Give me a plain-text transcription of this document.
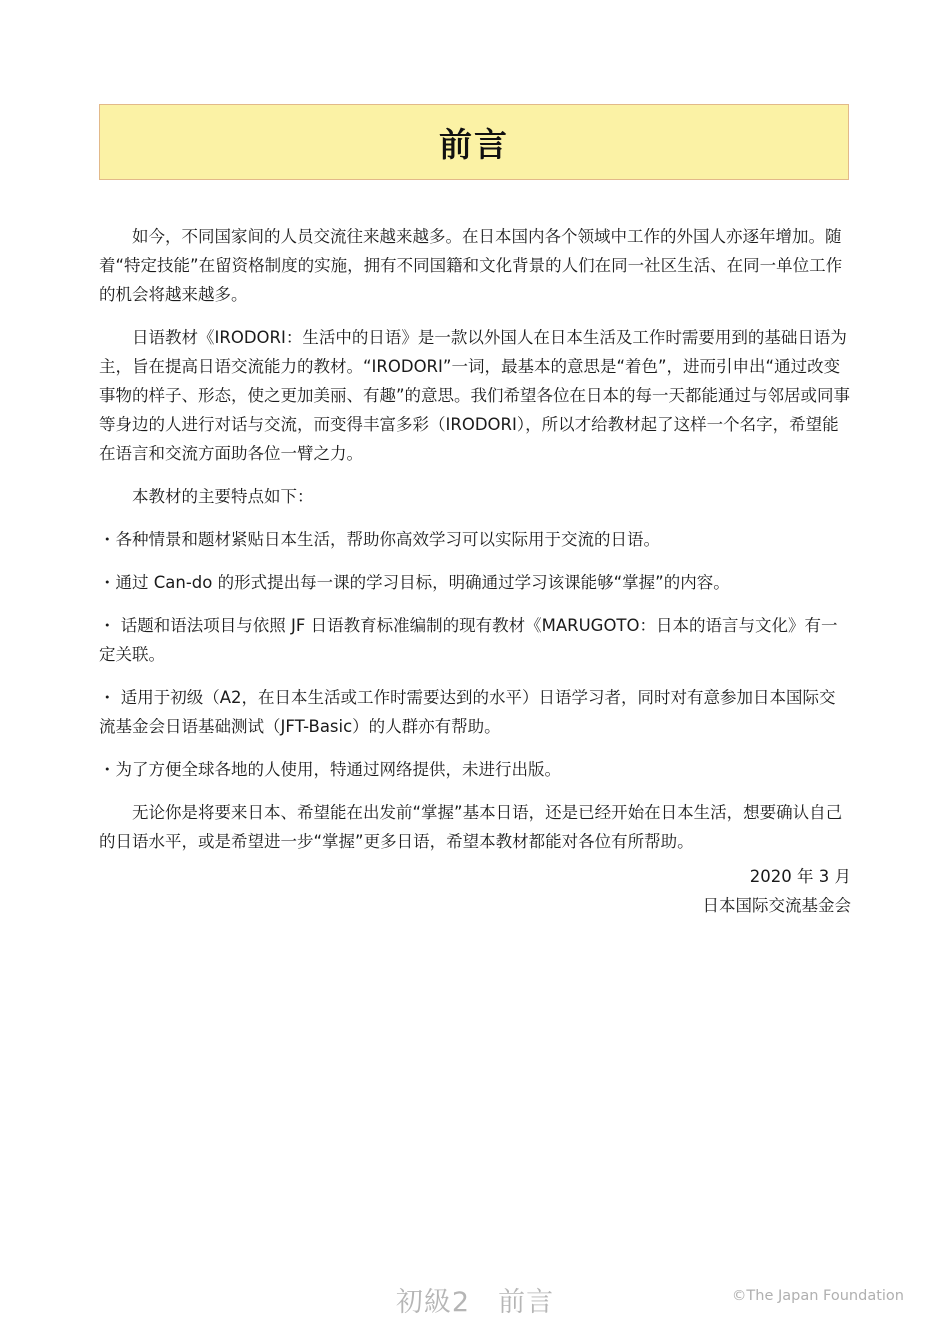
前言

如今，不同国家间的人员交流往来越来越多。在日本国内各个领域中工作的外国人亦逐年增加。随着“特定技能”在留资格制度的实施，拥有不同国籍和文化背景的人们在同一社区生活、在同一单位工作的机会将越来越多。

日语教材《IRODORI：生活中的日语》是一款以外国人在日本生活及工作时需要用到的基础日语为主，旨在提高日语交流能力的教材。“IRODORI”一词，最基本的意思是“着色”，进而引申出“通过改变事物的样子、形态，使之更加美丽、有趣”的意思。我们希望各位在日本的每一天都能通过与邻居或同事等身边的人进行对话与交流，而变得丰富多彩（IRODORI），所以才给教材起了这样一个名字，希望能在语言和交流方面助各位一臂之力。

本教材的主要特点如下：

・各种情景和题材紧贴日本生活，帮助你高效学习可以实际用于交流的日语。

・通过 Can-do 的形式提出每一课的学习目标，明确通过学习该课能够“掌握”的内容。

・ 话题和语法项目与依照 JF 日语教育标准编制的现有教材《MARUGOTO：日本的语言与文化》有一定关联。

・ 适用于初级（A2，在日本生活或工作时需要达到的水平）日语学习者，同时对有意参加日本国际交流基金会日语基础测试（JFT-Basic）的人群亦有帮助。

・为了方便全球各地的人使用，特通过网络提供，未进行出版。

无论你是将要来日本、希望能在出发前“掌握”基本日语，还是已经开始在日本生活，想要确认自己的日语水平，或是希望进一步“掌握”更多日语，希望本教材都能对各位有所帮助。

2020 年 3 月

日本国际交流基金会

初級2　前言	©The Japan Foundation
